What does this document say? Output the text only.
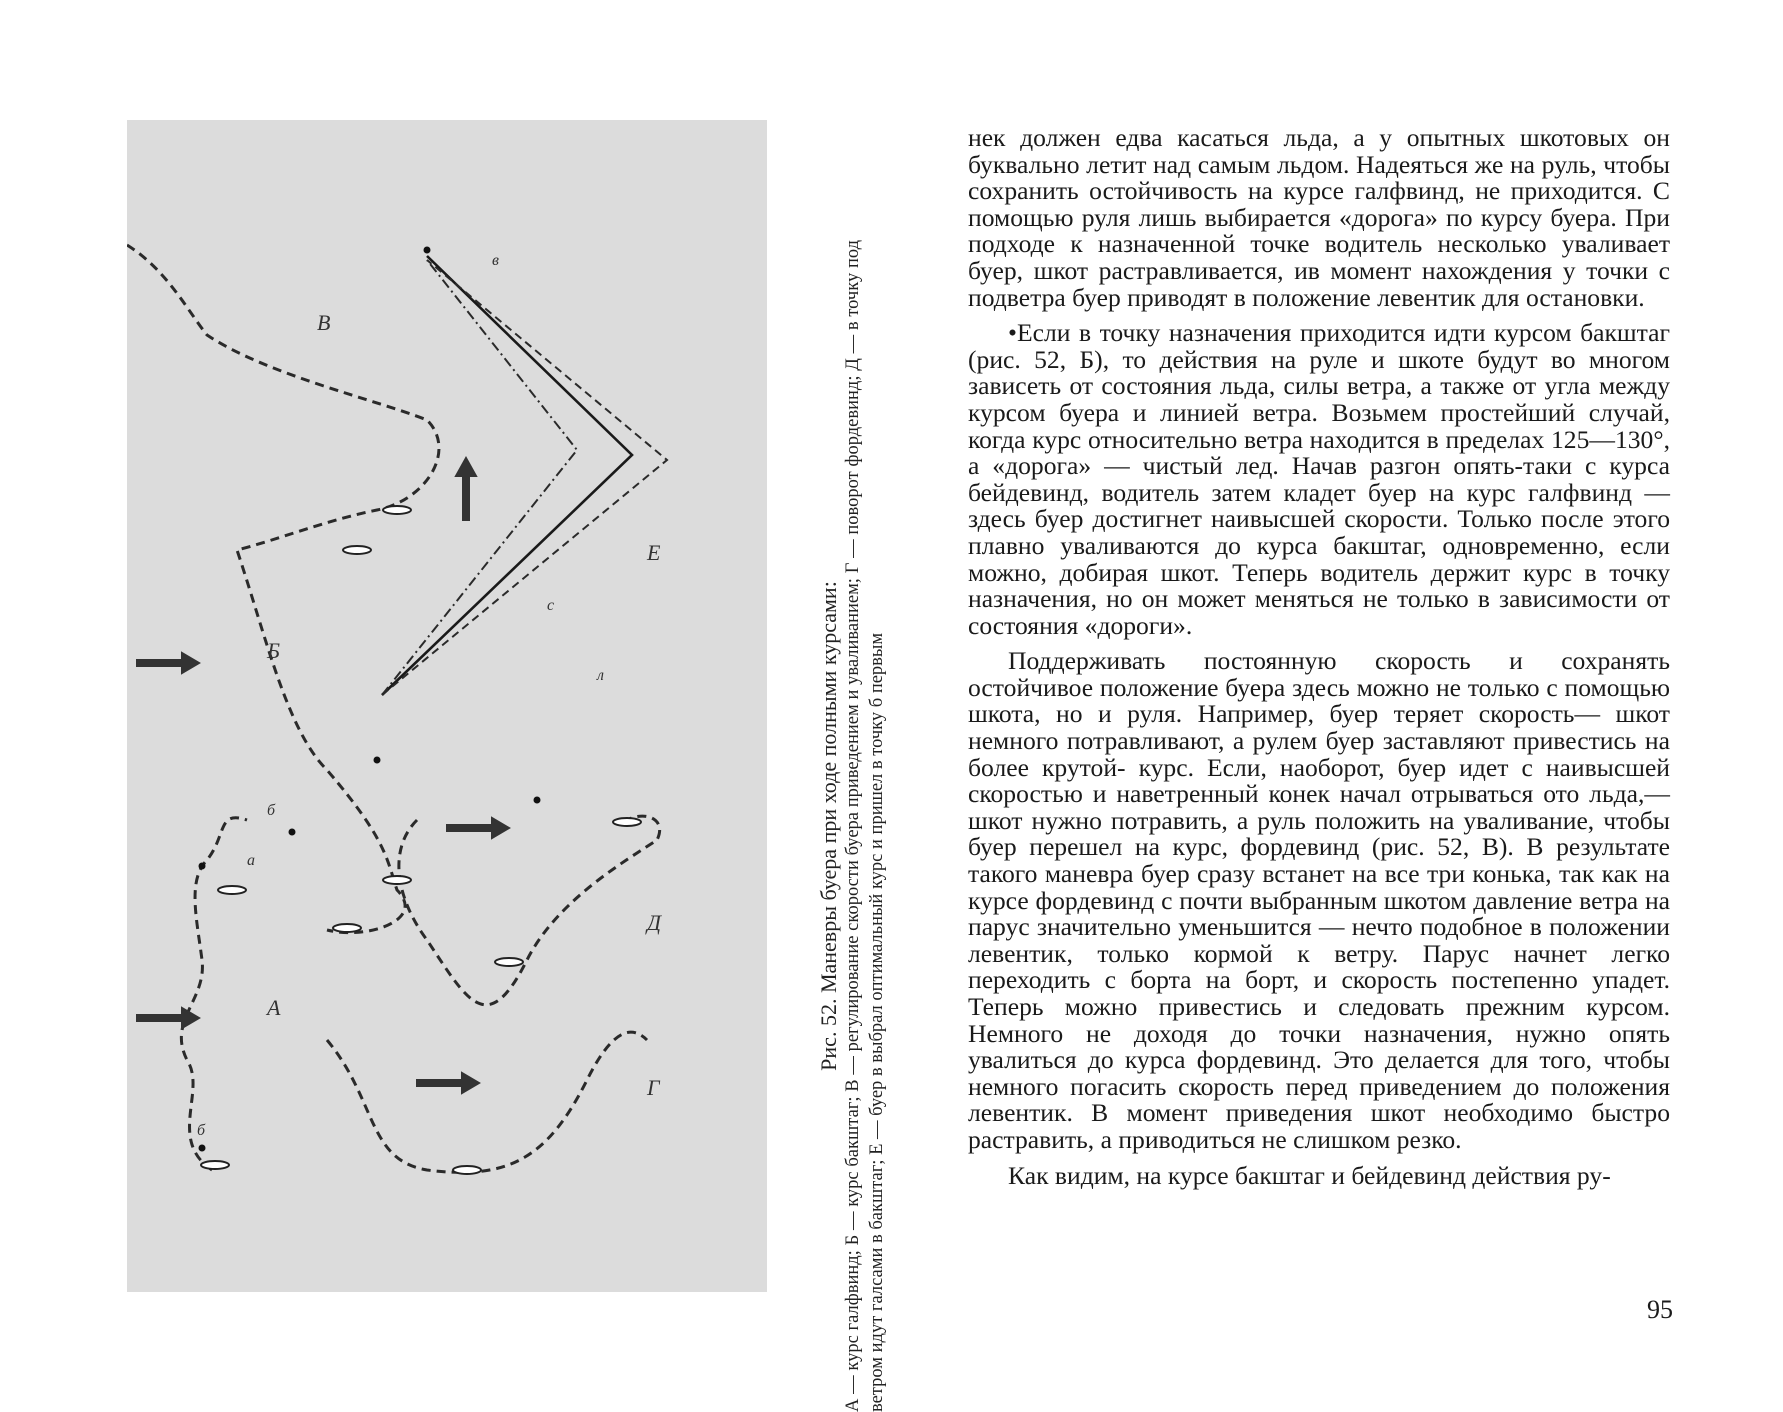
А
Б
В
Г
Д
Е
б
а
б
в
с
л	Рис. 52. Маневры буера при ходе полными курсами: А — курс галфвинд; Б — курс бакштаг; В — регулирование скорости буера приведением и уваливанием; Г — поворот фордевинд; Д — в точку под ветром идут галсами в бакштаг; Е — буер в выбрал оптимальный курс и пришел в точку б первым

нек должен едва касаться льда, а у опытных шкотовых он буквально летит над самым льдом. Надеяться же на руль, чтобы сохранить остойчивость на курсе галфвинд, не приходится. С помощью руля лишь выбирается «дорога» по курсу буера. При подходе к назначенной точке водитель несколько уваливает буер, шкот растравливается, ив момент нахождения у точки с подветра буер приводят в положение левентик для остановки.

•Если в точку назначения приходится идти курсом бакштаг (рис. 52, Б), то действия на руле и шкоте будут во многом зависеть от состояния льда, силы ветра, а также от угла между курсом буера и линией ветра. Возьмем простейший случай, когда курс относительно ветра находится в пределах 125—130°, а «дорога» — чистый лед. Начав разгон опять-таки с курса бейдевинд, водитель затем кладет буер на курс галфвинд — здесь буер достигнет наивысшей скорости. Только после этого плавно уваливаются до курса бакштаг, одновременно, если можно, добирая шкот. Теперь водитель держит курс в точку назначения, но он может меняться не только в зависимости от состояния «дороги».

Поддерживать постоянную скорость и сохранять остойчивое положение буера здесь можно не только с помощью шкота, но и руля. Например, буер теряет скорость— шкот немного потравливают, а рулем буер заставляют привестись на более крутой- курс. Если, наоборот, буер идет с наивысшей скоростью и наветренный конек начал отрываться ото льда,— шкот нужно потравить, а руль положить на уваливание, чтобы буер перешел на курс, фордевинд (рис. 52, В). В результате такого маневра буер сразу встанет на все три конька, так как на курсе фордевинд с почти выбранным шкотом давление ветра на парус значительно уменьшится — нечто подобное в положении левентик, только кормой к ветру. Парус начнет легко переходить с борта на борт, и скорость постепенно упадет. Теперь можно привестись и следовать прежним курсом. Немного не доходя до точки назначения, нужно опять увалиться до курса фордевинд. Это делается для того, чтобы немного погасить скорость перед приведением до положения левентик. В момент приведения шкот необходимо быстро растравить, а приводиться не слишком резко.

Как видим, на курсе бакштаг и бейдевинд действия ру-

95
